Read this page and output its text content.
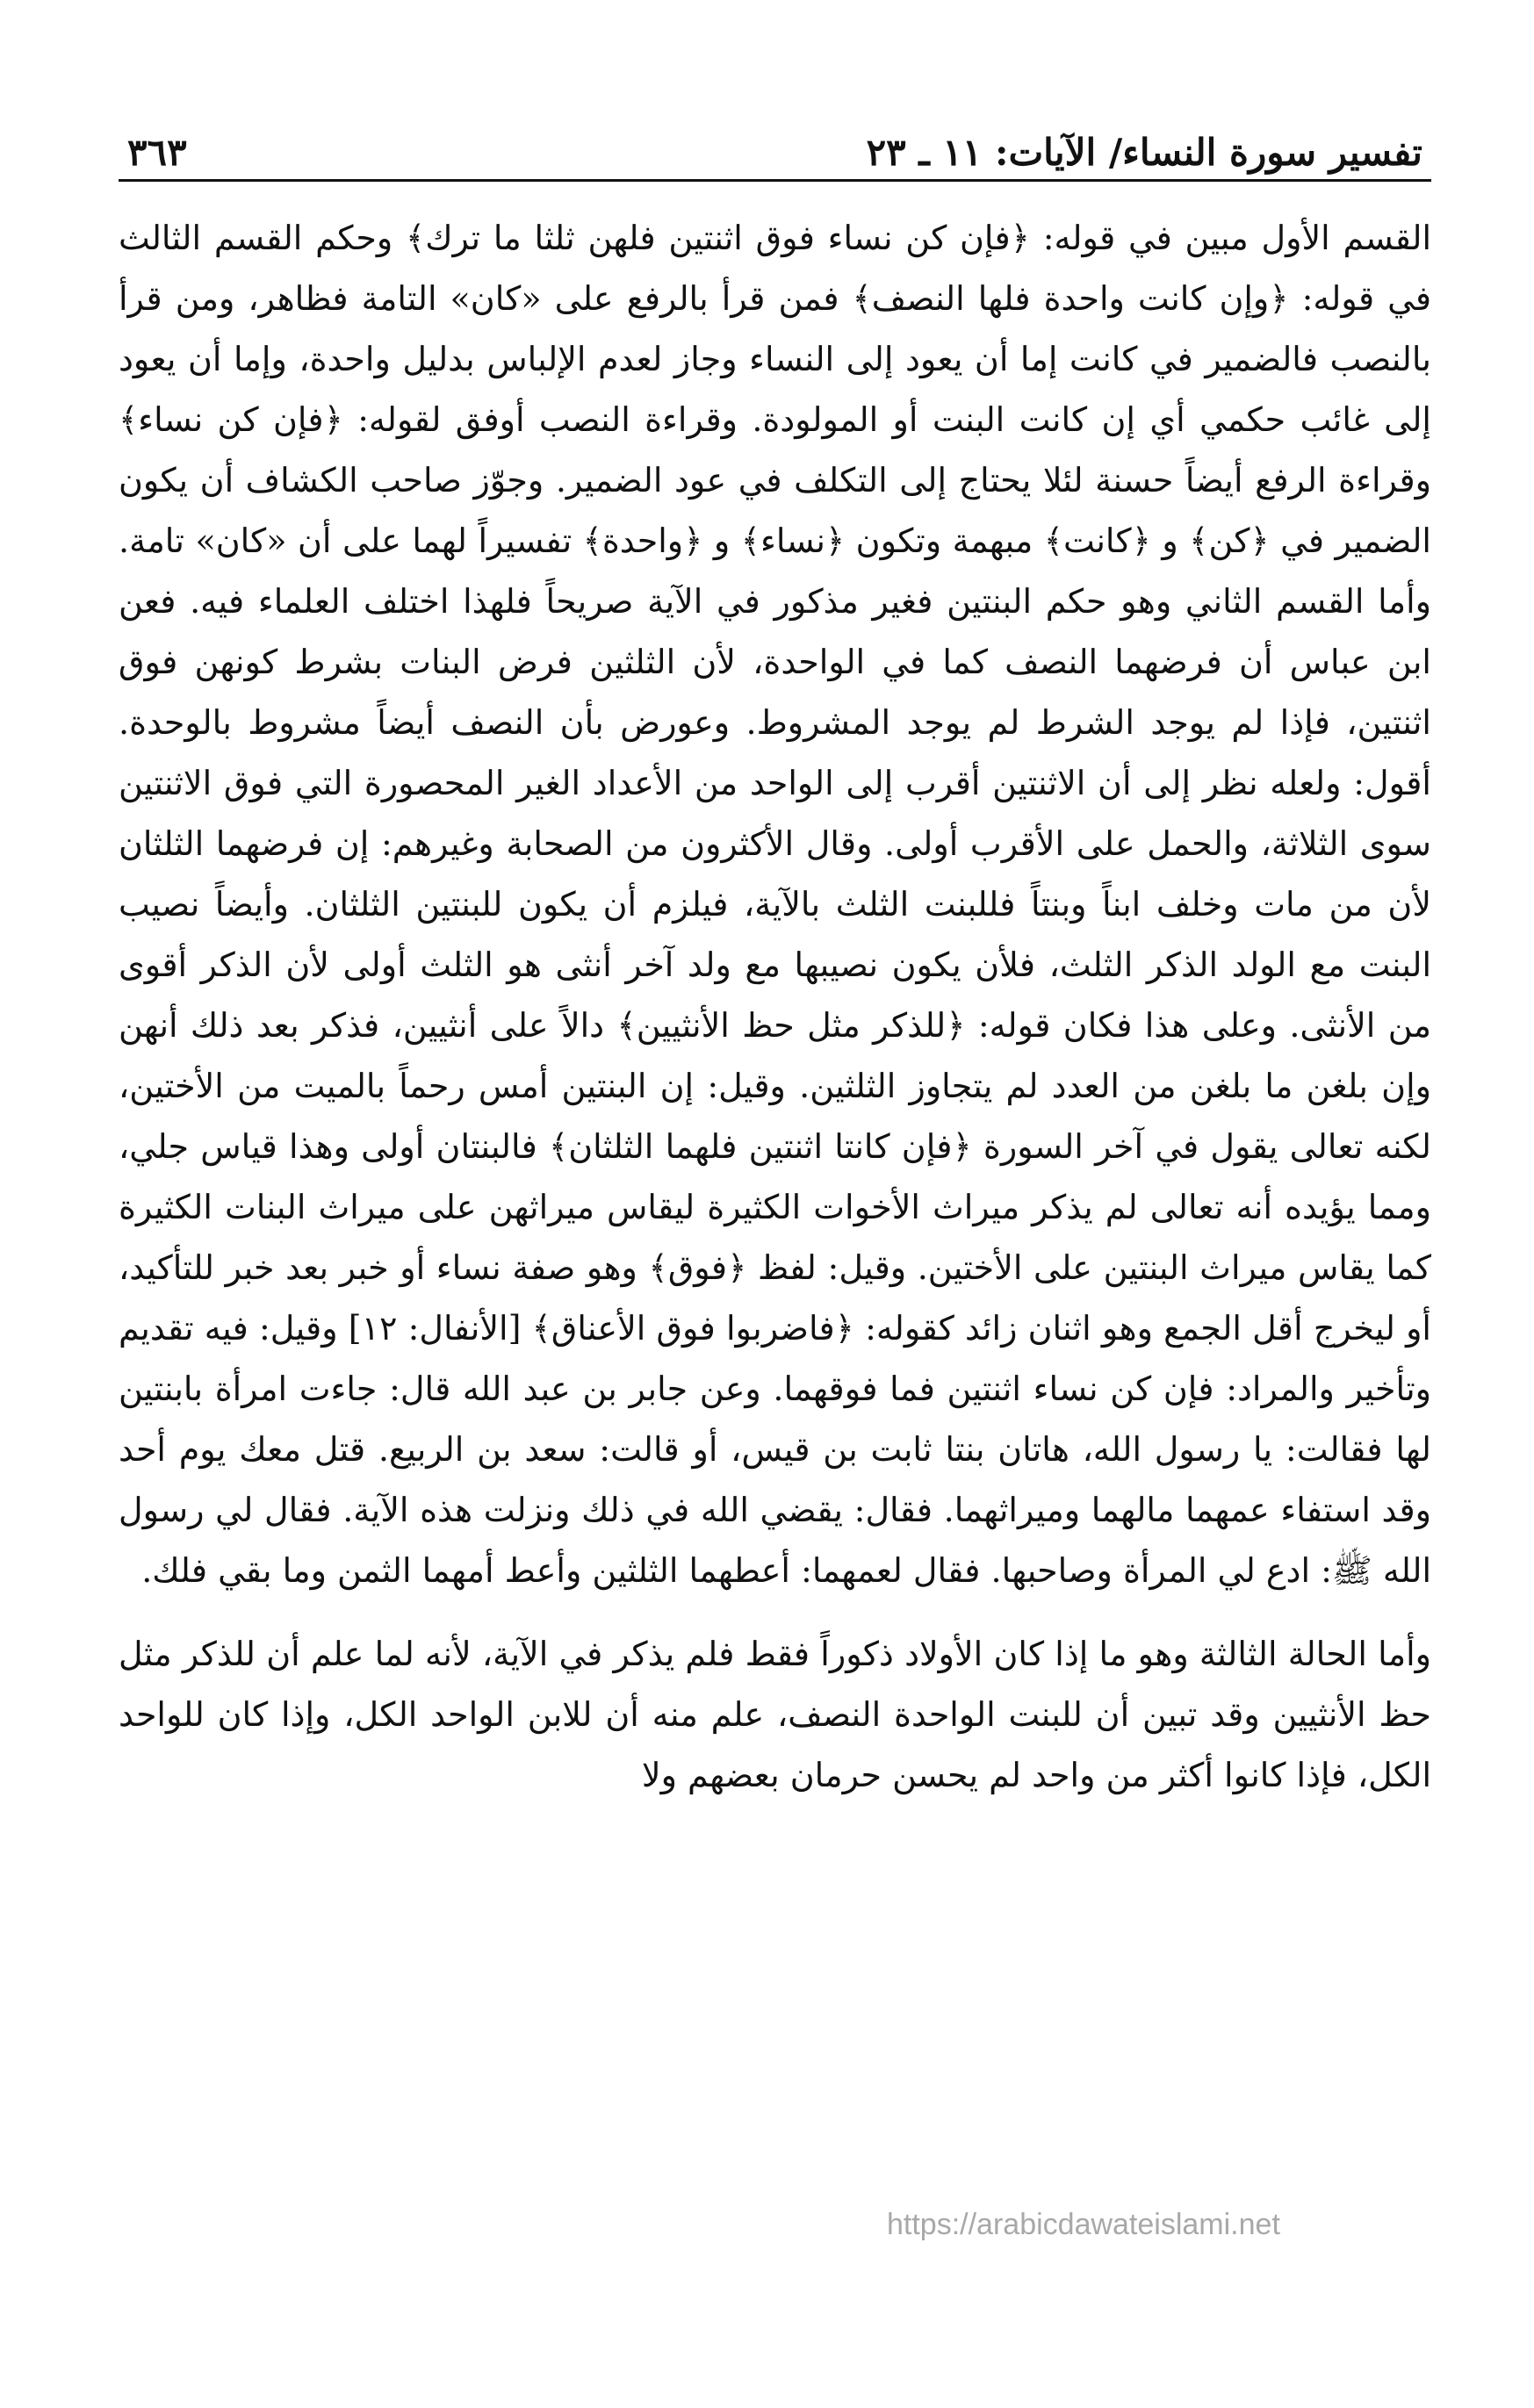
تفسير سورة النساء/ الآيات: ١١ ـ ٢٣
٣٦٣

القسم الأول مبين في قوله: ﴿فإن كن نساء فوق اثنتين فلهن ثلثا ما ترك﴾ وحكم القسم الثالث في قوله: ﴿وإن كانت واحدة فلها النصف﴾ فمن قرأ بالرفع على «كان» التامة فظاهر، ومن قرأ بالنصب فالضمير في كانت إما أن يعود إلى النساء وجاز لعدم الإلباس بدليل واحدة، وإما أن يعود إلى غائب حكمي أي إن كانت البنت أو المولودة. وقراءة النصب أوفق لقوله: ﴿فإن كن نساء﴾ وقراءة الرفع أيضاً حسنة لئلا يحتاج إلى التكلف في عود الضمير. وجوّز صاحب الكشاف أن يكون الضمير في ﴿كن﴾ و ﴿كانت﴾ مبهمة وتكون ﴿نساء﴾ و ﴿واحدة﴾ تفسيراً لهما على أن «كان» تامة. وأما القسم الثاني وهو حكم البنتين فغير مذكور في الآية صريحاً فلهذا اختلف العلماء فيه. فعن ابن عباس أن فرضهما النصف كما في الواحدة، لأن الثلثين فرض البنات بشرط كونهن فوق اثنتين، فإذا لم يوجد الشرط لم يوجد المشروط. وعورض بأن النصف أيضاً مشروط بالوحدة. أقول: ولعله نظر إلى أن الاثنتين أقرب إلى الواحد من الأعداد الغير المحصورة التي فوق الاثنتين سوى الثلاثة، والحمل على الأقرب أولى. وقال الأكثرون من الصحابة وغيرهم: إن فرضهما الثلثان لأن من مات وخلف ابناً وبنتاً فللبنت الثلث بالآية، فيلزم أن يكون للبنتين الثلثان. وأيضاً نصيب البنت مع الولد الذكر الثلث، فلأن يكون نصيبها مع ولد آخر أنثى هو الثلث أولى لأن الذكر أقوى من الأنثى. وعلى هذا فكان قوله: ﴿للذكر مثل حظ الأنثيين﴾ دالاً على أنثيين، فذكر بعد ذلك أنهن وإن بلغن ما بلغن من العدد لم يتجاوز الثلثين. وقيل: إن البنتين أمس رحماً بالميت من الأختين، لكنه تعالى يقول في آخر السورة ﴿فإن كانتا اثنتين فلهما الثلثان﴾ فالبنتان أولى وهذا قياس جلي، ومما يؤيده أنه تعالى لم يذكر ميراث الأخوات الكثيرة ليقاس ميراثهن على ميراث البنات الكثيرة كما يقاس ميراث البنتين على الأختين. وقيل: لفظ ﴿فوق﴾ وهو صفة نساء أو خبر بعد خبر للتأكيد، أو ليخرج أقل الجمع وهو اثنان زائد كقوله: ﴿فاضربوا فوق الأعناق﴾ [الأنفال: ١٢] وقيل: فيه تقديم وتأخير والمراد: فإن كن نساء اثنتين فما فوقهما. وعن جابر بن عبد الله قال: جاءت امرأة بابنتين لها فقالت: يا رسول الله، هاتان بنتا ثابت بن قيس، أو قالت: سعد بن الربيع. قتل معك يوم أحد وقد استفاء عمهما مالهما وميراثهما. فقال: يقضي الله في ذلك ونزلت هذه الآية. فقال لي رسول الله ﷺ: ادع لي المرأة وصاحبها. فقال لعمهما: أعطهما الثلثين وأعط أمهما الثمن وما بقي فلك.

وأما الحالة الثالثة وهو ما إذا كان الأولاد ذكوراً فقط فلم يذكر في الآية، لأنه لما علم أن للذكر مثل حظ الأنثيين وقد تبين أن للبنت الواحدة النصف، علم منه أن للابن الواحد الكل، وإذا كان للواحد الكل، فإذا كانوا أكثر من واحد لم يحسن حرمان بعضهم ولا

https://arabicdawateislami.net
